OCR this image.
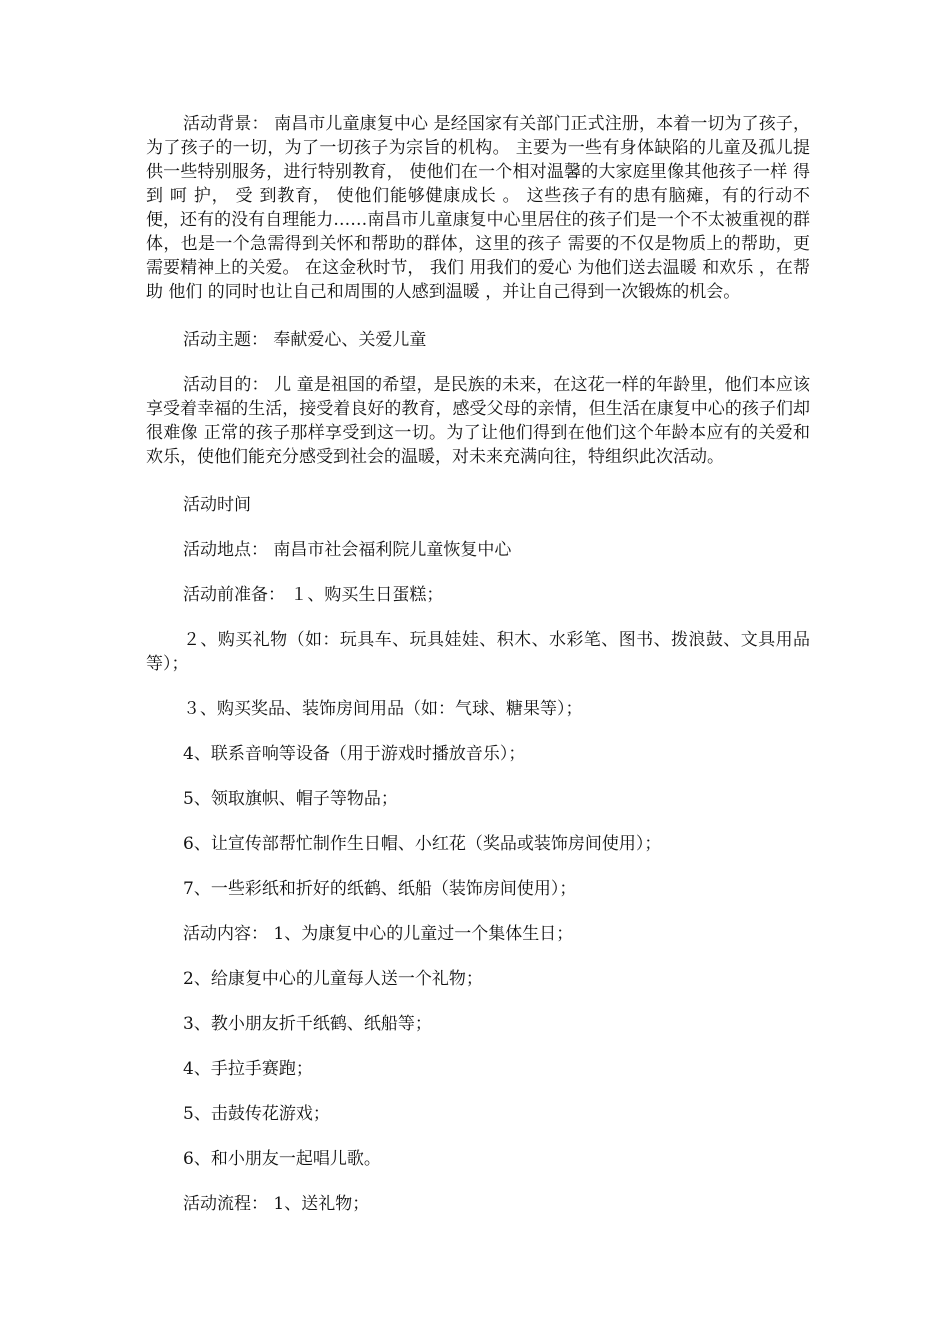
活动背景： 南昌市儿童康复中心 是经国家有关部门正式注册，本着一切为了孩子，为了孩子的一切，为了一切孩子为宗旨的机构。 主要为一些有身体缺陷的儿童及孤儿提供一些特别服务，进行特别教育， 使他们在一个相对温馨的大家庭里像其他孩子一样 得 到 呵 护， 受 到教育， 使他们能够健康成长 。 这些孩子有的患有脑瘫，有的行动不便，还有的没有自理能力……南昌市儿童康复中心里居住的孩子们是一个不太被重视的群体，也是一个急需得到关怀和帮助的群体，这里的孩子 需要的不仅是物质上的帮助，更需要精神上的关爱。 在这金秋时节， 我们 用我们的爱心 为他们送去温暖 和欢乐 ，在帮助 他们 的同时也让自己和周围的人感到温暖 ，并让自己得到一次锻炼的机会。

活动主题： 奉献爱心、关爱儿童

活动目的： 儿 童是祖国的希望，是民族的未来，在这花一样的年龄里，他们本应该享受着幸福的生活，接受着良好的教育，感受父母的亲情，但生活在康复中心的孩子们却很难像 正常的孩子那样享受到这一切。为了让他们得到在他们这个年龄本应有的关爱和欢乐，使他们能充分感受到社会的温暖，对未来充满向往，特组织此次活动。

活动时间

活动地点： 南昌市社会福利院儿童恢复中心

活动前准备： １、购买生日蛋糕；

２、购买礼物（如：玩具车、玩具娃娃、积木、水彩笔、图书、拨浪鼓、文具用品等）；

３、购买奖品、装饰房间用品（如：气球、糖果等）；

4、联系音响等设备（用于游戏时播放音乐）；

5、领取旗帜、帽子等物品；

6、让宣传部帮忙制作生日帽、小红花（奖品或装饰房间使用）；

7、一些彩纸和折好的纸鹤、纸船（装饰房间使用）；

活动内容： 1、为康复中心的儿童过一个集体生日；

2、给康复中心的儿童每人送一个礼物；

3、教小朋友折千纸鹤、纸船等；

4、手拉手赛跑；

5、击鼓传花游戏；

6、和小朋友一起唱儿歌。

活动流程： 1、送礼物；
